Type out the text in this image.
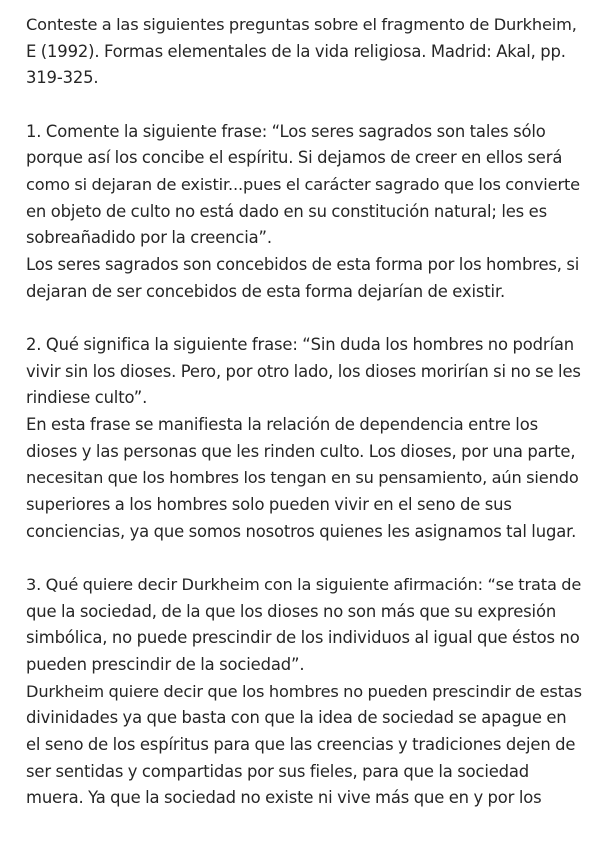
Conteste a las siguientes preguntas sobre el fragmento de Durkheim,
E (1992). Formas elementales de la vida religiosa. Madrid: Akal, pp.
319-325.
1. Comente la siguiente frase: “Los seres sagrados son tales sólo
porque así los concibe el espíritu. Si dejamos de creer en ellos será
como si dejaran de existir...pues el carácter sagrado que los convierte
en objeto de culto no está dado en su constitución natural; les es
sobreañadido por la creencia”.
Los seres sagrados son concebidos de esta forma por los hombres, si
dejaran de ser concebidos de esta forma dejarían de existir.
2. Qué significa la siguiente frase: “Sin duda los hombres no podrían
vivir sin los dioses. Pero, por otro lado, los dioses morirían si no se les
rindiese culto”.
En esta frase se manifiesta la relación de dependencia entre los
dioses y las personas que les rinden culto. Los dioses, por una parte,
necesitan que los hombres los tengan en su pensamiento, aún siendo
superiores a los hombres solo pueden vivir en el seno de sus
conciencias, ya que somos nosotros quienes les asignamos tal lugar.
3. Qué quiere decir Durkheim con la siguiente afirmación: “se trata de
que la sociedad, de la que los dioses no son más que su expresión
simbólica, no puede prescindir de los individuos al igual que éstos no
pueden prescindir de la sociedad”.
Durkheim quiere decir que los hombres no pueden prescindir de estas
divinidades ya que basta con que la idea de sociedad se apague en
el seno de los espíritus para que las creencias y tradiciones dejen de
ser sentidas y compartidas por sus fieles, para que la sociedad
muera. Ya que la sociedad no existe ni vive más que en y por los
